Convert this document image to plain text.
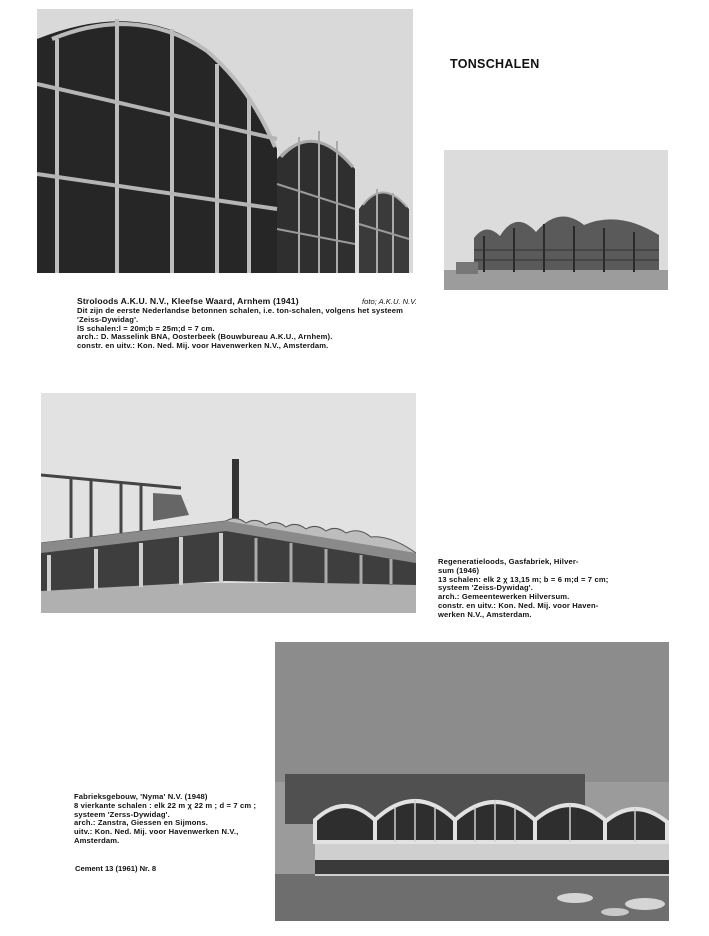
TONSCHALEN
Stroloods A.K.U. N.V., Kleefse Waard, Arnhem (1941)
Dit zijn de eerste Nederlandse betonnen schalen, i.e. ton-schalen, volgens het systeem
'Zeiss-Dywidag'.
lS schalen:l = 20m;b = 25m;d = 7 cm.
arch.: D. Masselink BNA, Oosterbeek (Bouwbureau A.K.U., Arnhem).
constr. en uitv.: Kon. Ned. Mij. voor Havenwerken N.V., Amsterdam.
foto; A.K.U. N.V.
Regeneratieloods, Gasfabriek, Hilver-
sum (1946)
13 schalen: elk 2 χ 13,15 m; b = 6 m;d = 7 cm;
systeem 'Zeiss-Dywidag'.
arch.: Gemeentewerken Hilversum.
constr. en uitv.: Kon. Ned. Mij. voor Haven-
werken N.V., Amsterdam.
Fabrieksgebouw, 'Nyma' N.V. (1948)
8 vierkante schalen : elk 22 m χ 22 m ; d = 7 cm ;
systeem 'Zerss-Dywidag'.
arch.: Zanstra, Giessen en Sijmons.
uitv.: Kon. Ned. Mij. voor Havenwerken N.V.,
Amsterdam.
Cement 13 (1961) Nr. 8
